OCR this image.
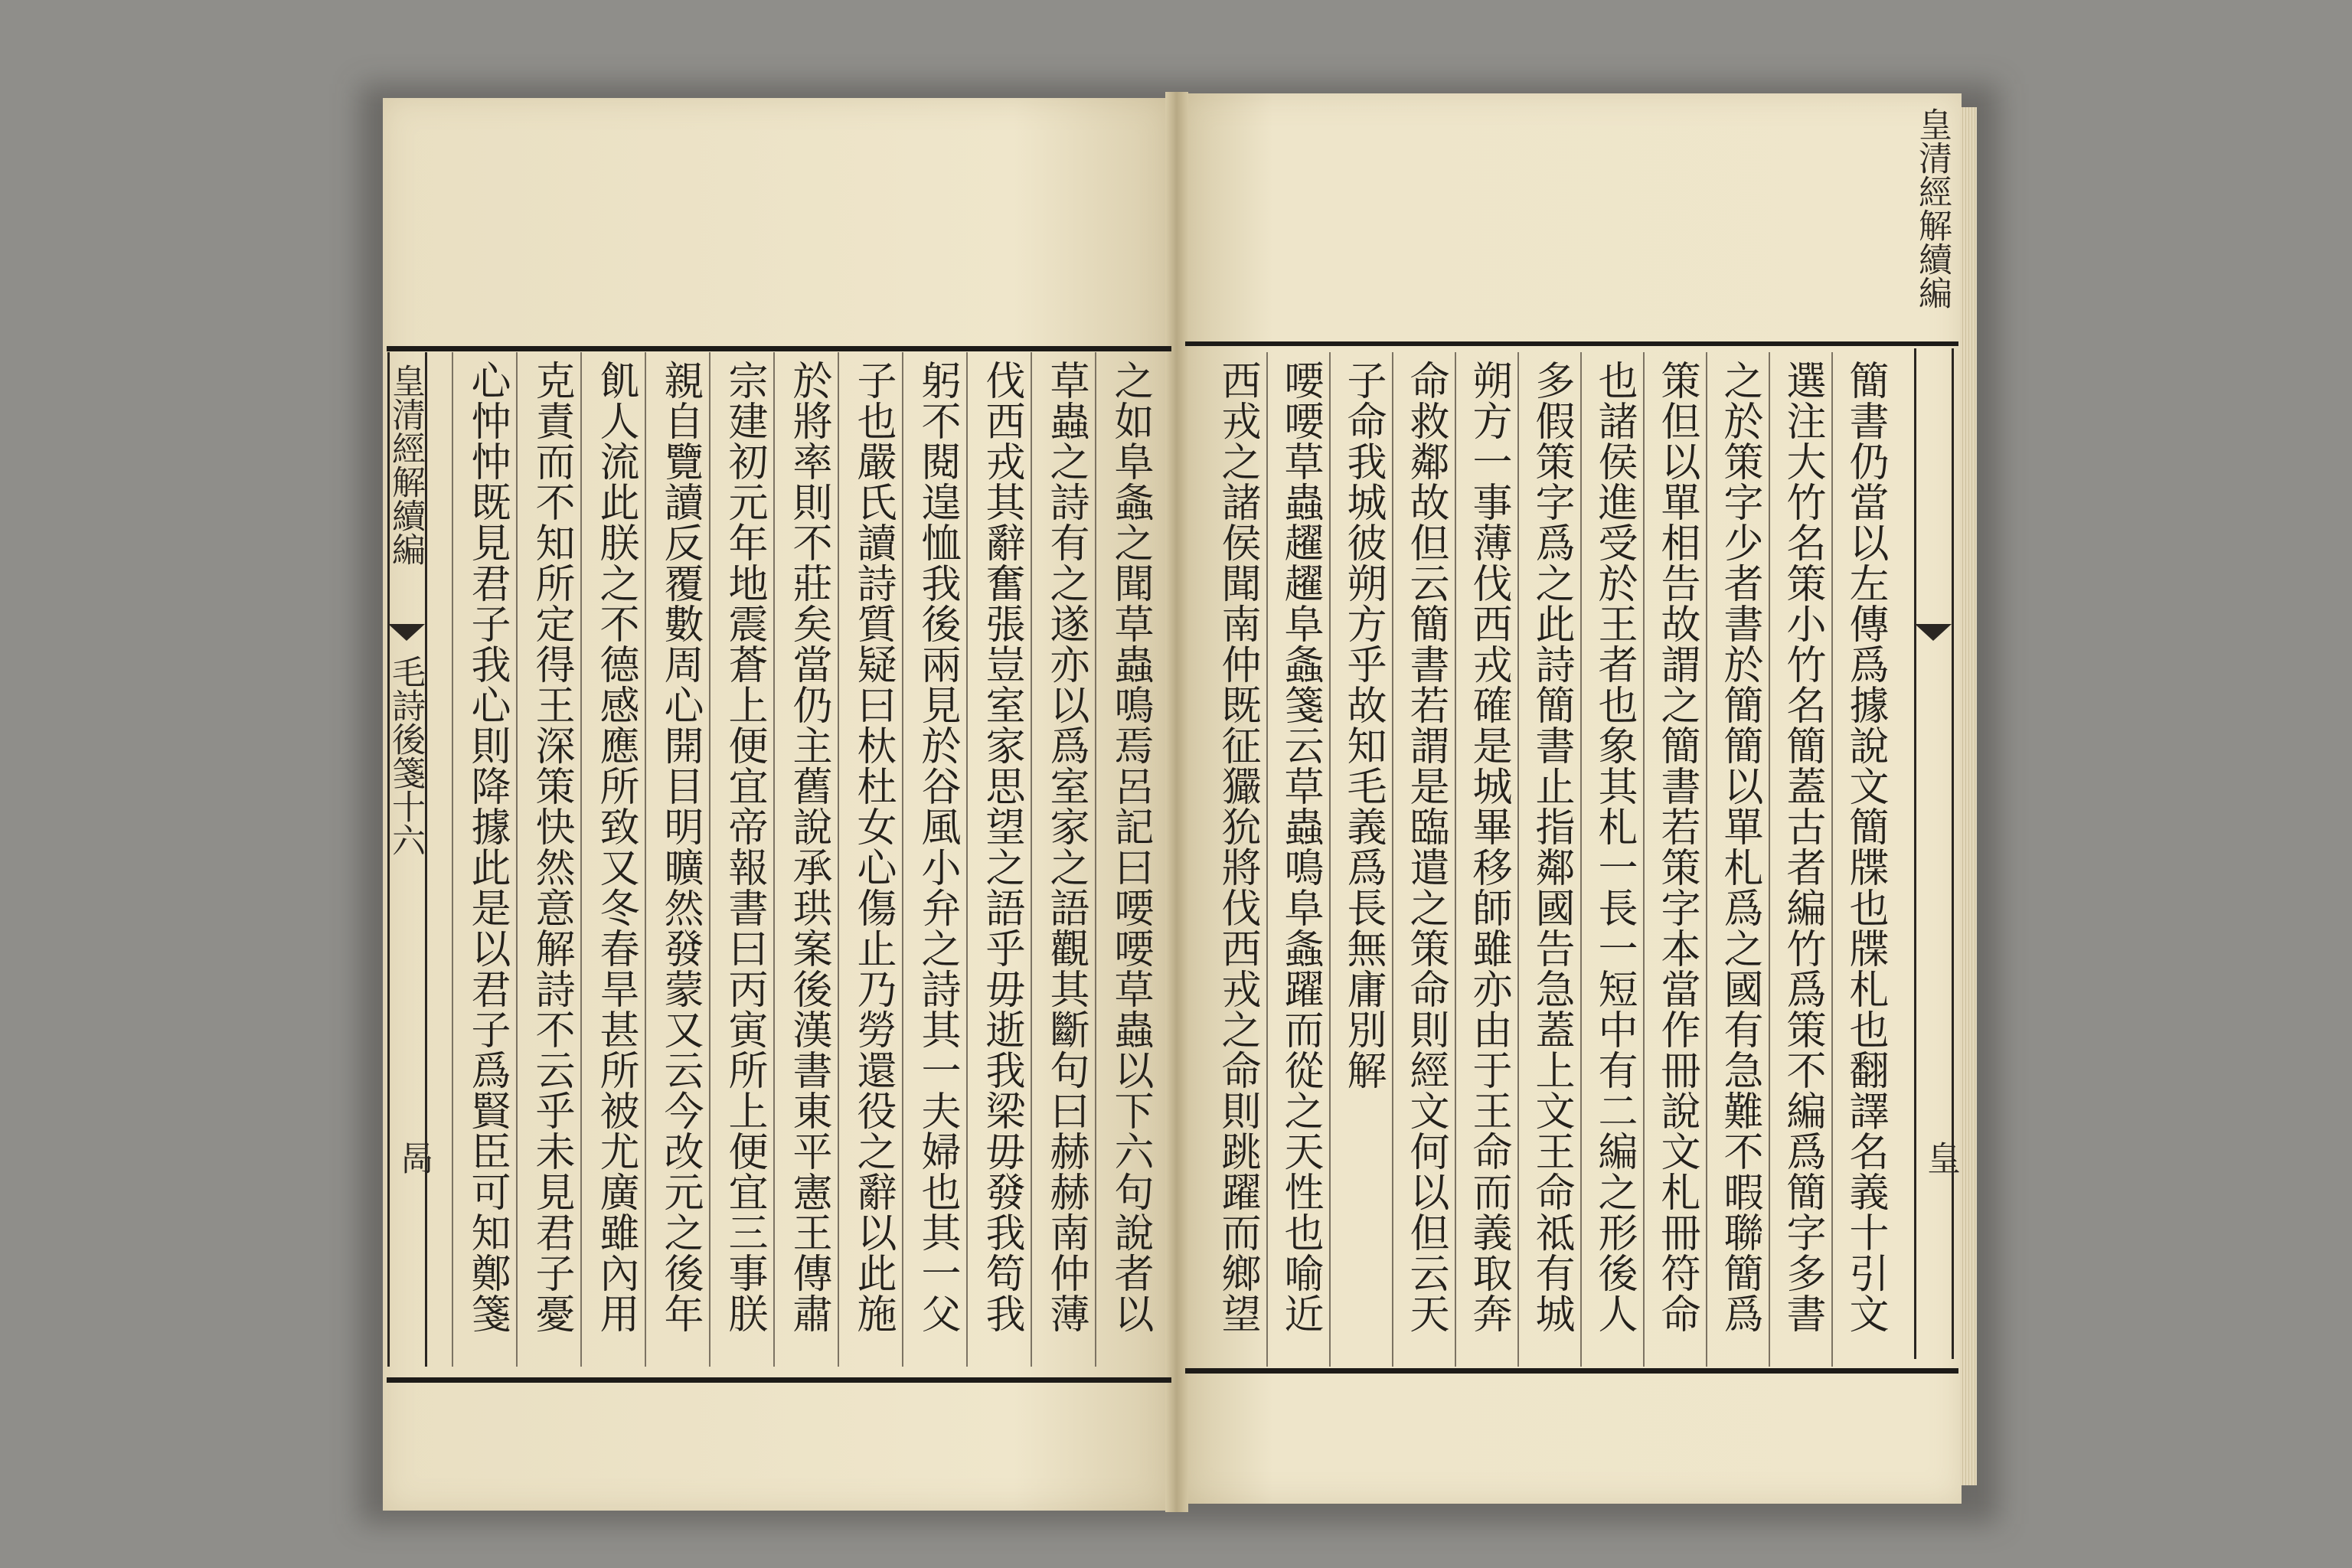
皇清經解續編
毛詩後箋十六
晑	之如阜螽之聞草蟲鳴焉呂記曰喓喓草蟲以下六句說者以
草蟲之詩有之遂亦以爲室家之語觀其斷句曰赫赫南仲薄
伐西戎其辭奮張豈室家思望之語乎毋逝我梁毋發我笱我
躬不閱遑恤我後兩見於谷風小弁之詩其一夫婦也其一父
子也嚴氏讀詩質疑曰杕杜女心傷止乃勞還役之辭以此施
於將率則不莊矣當仍主舊說承珙案後漢書東平憲王傳肅
宗建初元年地震蒼上便宜帝報書曰丙寅所上便宜三事朕
親自覽讀反覆數周心開目明曠然發蒙又云今改元之後年
飢人流此朕之不德感應所致又冬春旱甚所被尤廣雖內用
克責而不知所定得王深策快然意解詩不云乎未見君子憂
心忡忡既見君子我心則降據此是以君子爲賢臣可知鄭箋	簡書仍當以左傳爲據說文簡牒也牒札也翻譯名義十引文
選注大竹名策小竹名簡蓋古者編竹爲策不編爲簡字多書
之於策字少者書於簡簡以單札爲之國有急難不暇聯簡爲
策但以單相告故謂之簡書若策字本當作冊說文札冊符命
也諸侯進受於王者也象其札一長一短中有二編之形後人
多假策字爲之此詩簡書止指鄰國告急蓋上文王命祗有城
朔方一事薄伐西戎確是城畢移師雖亦由于王命而義取奔
命救鄰故但云簡書若謂是臨遣之策命則經文何以但云天
子命我城彼朔方乎故知毛義爲長無庸別解
喓喓草蟲趯趯阜螽箋云草蟲鳴阜螽躍而從之天性也喻近
西戎之諸侯聞南仲既征玁狁將伐西戎之命則跳躍而鄉望
皇清經解續編
皇
